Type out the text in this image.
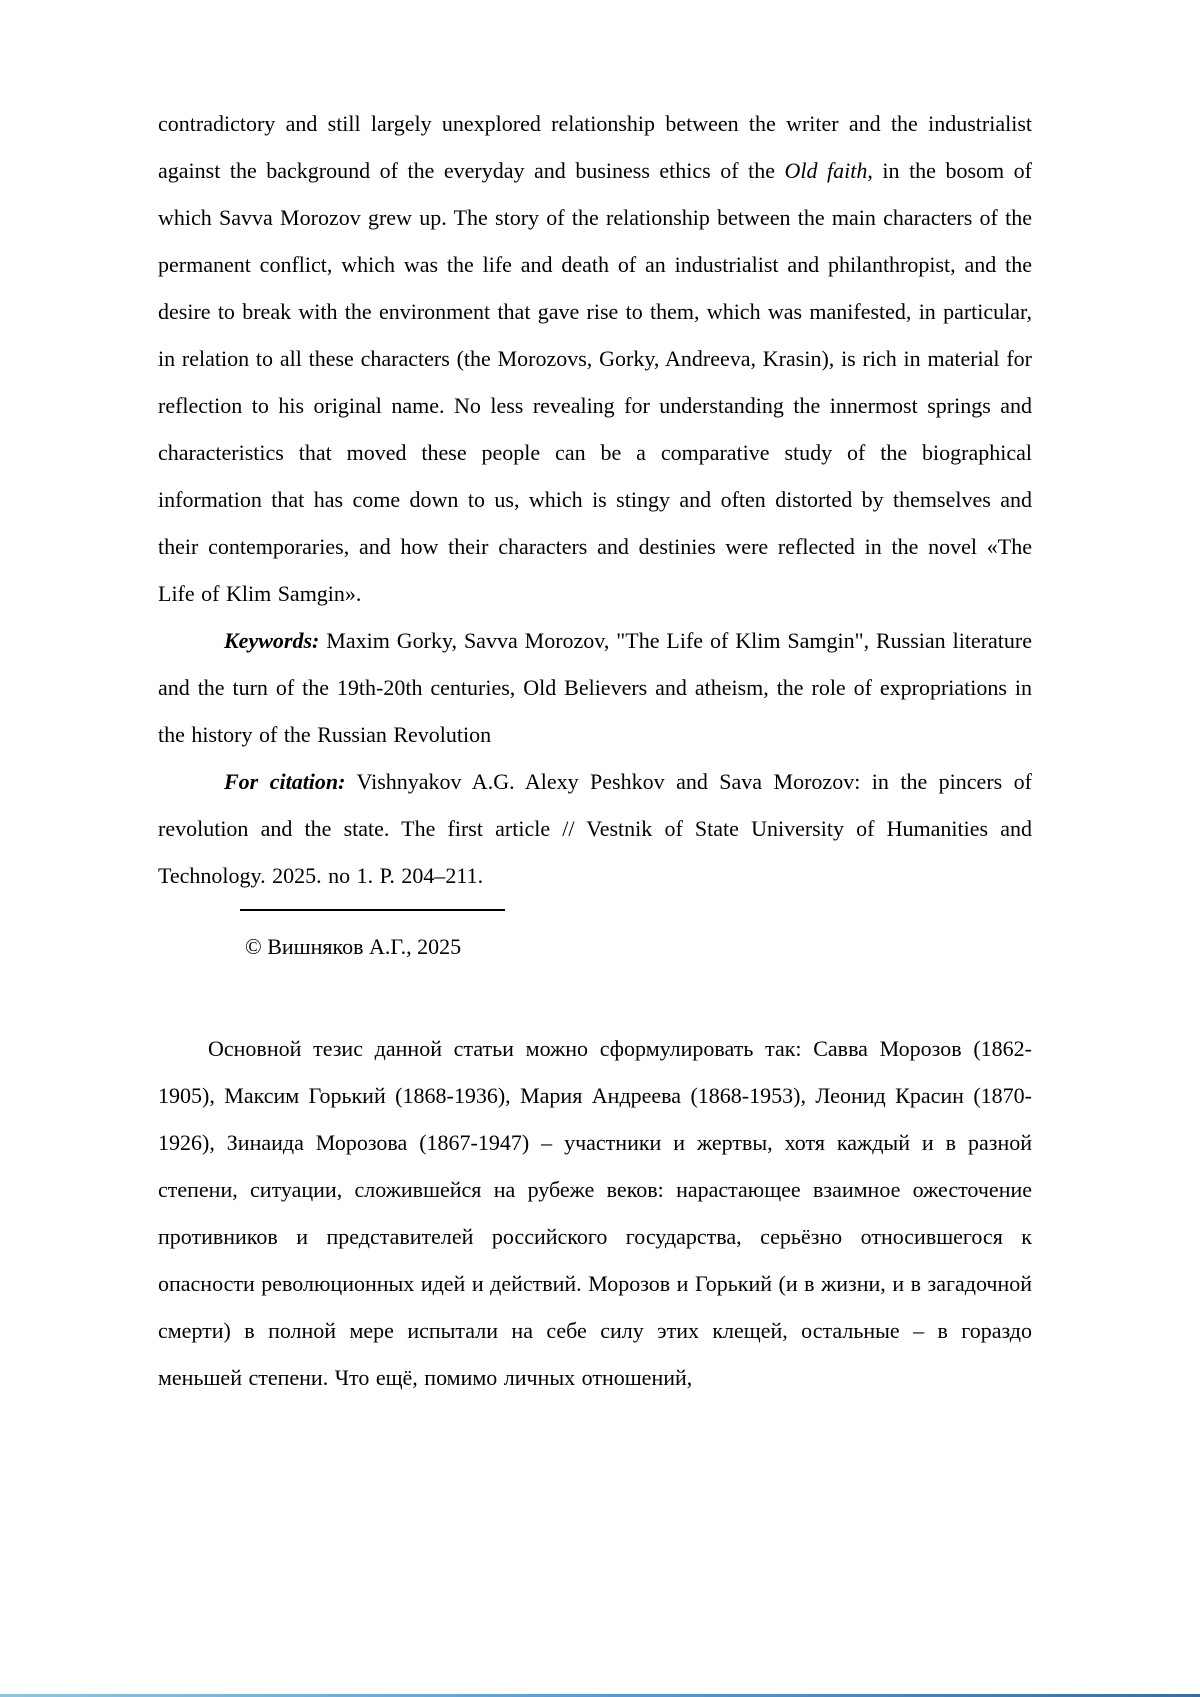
contradictory and still largely unexplored relationship between the writer and the industrialist against the background of the everyday and business ethics of the Old faith, in the bosom of which Savva Morozov grew up. The story of the relationship between the main characters of the permanent conflict, which was the life and death of an industrialist and philanthropist, and the desire to break with the environment that gave rise to them, which was manifested, in particular, in relation to all these characters (the Morozovs, Gorky, Andreeva, Krasin), is rich in material for reflection to his original name. No less revealing for understanding the innermost springs and characteristics that moved these people can be a comparative study of the biographical information that has come down to us, which is stingy and often distorted by themselves and their contemporaries, and how their characters and destinies were reflected in the novel «The Life of Klim Samgin».

Keywords: Maxim Gorky, Savva Morozov, "The Life of Klim Samgin", Russian literature and the turn of the 19th-20th centuries, Old Believers and atheism, the role of expropriations in the history of the Russian Revolution

For citation: Vishnyakov A.G. Alexy Peshkov and Sava Morozov: in the pincers of revolution and the state. The first article // Vestnik of State University of Humanities and Technology. 2025. no 1. P. 204–211.

© Вишняков А.Г., 2025

Основной тезис данной статьи можно сформулировать так: Савва Морозов (1862-1905), Максим Горький (1868-1936), Мария Андреева (1868-1953), Леонид Красин (1870-1926), Зинаида Морозова (1867-1947) – участники и жертвы, хотя каждый и в разной степени, ситуации, сложившейся на рубеже веков: нарастающее взаимное ожесточение противников и представителей российского государства, серьёзно относившегося к опасности революционных идей и действий. Морозов и Горький (и в жизни, и в загадочной смерти) в полной мере испытали на себе силу этих клещей, остальные – в гораздо меньшей степени. Что ещё, помимо личных отношений,
